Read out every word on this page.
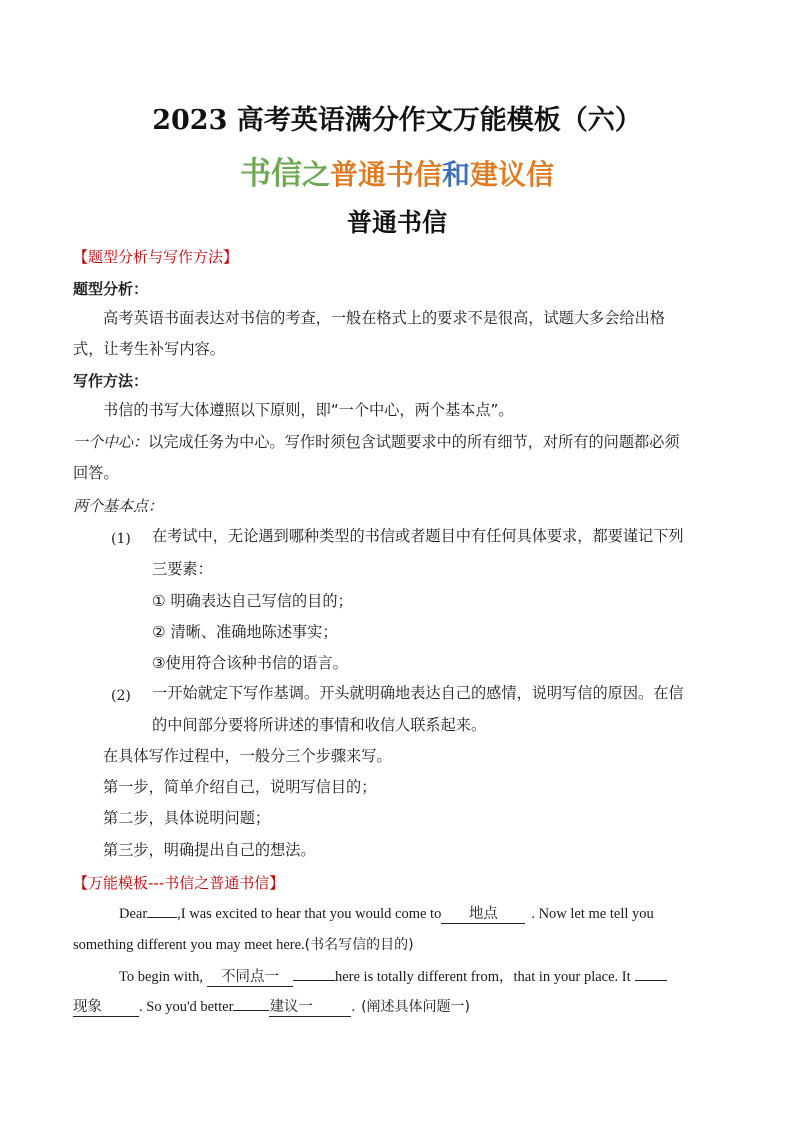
2023 高考英语满分作文万能模板（六）
书信之普通书信和建议信
普通书信
【题型分析与写作方法】
题型分析：
高考英语书面表达对书信的考查，一般在格式上的要求不是很高，试题大多会给出格
式，让考生补写内容。
写作方法：
书信的书写大体遵照以下原则，即“一个中心，两个基本点”。
一个中心：以完成任务为中心。写作时须包含试题要求中的所有细节，对所有的问题都必须
回答。
两个基本点：
(1) 在考试中，无论遇到哪种类型的书信或者题目中有任何具体要求，都要谨记下列
三要素：
① 明确表达自己写信的目的；
② 清晰、准确地陈述事实；
③使用符合该种书信的语言。
(2) 一开始就定下写作基调。开头就明确地表达自己的感情，说明写信的原因。在信
的中间部分要将所讲述的事情和收信人联系起来。
在具体写作过程中，一般分三个步骤来写。
第一步，简单介绍自己，说明写信目的；
第二步，具体说明问题；
第三步，明确提出自己的想法。
【万能模板---书信之普通书信】
Dear ,I was excited to hear that you would come to 地点 . Now let me tell you
something different you may meet here.(书名写信的目的)
To begin with, 不同点一	here is totally different from，that in your place. It
现象	. So you'd better 建议一	. (阐述具体问题一)
